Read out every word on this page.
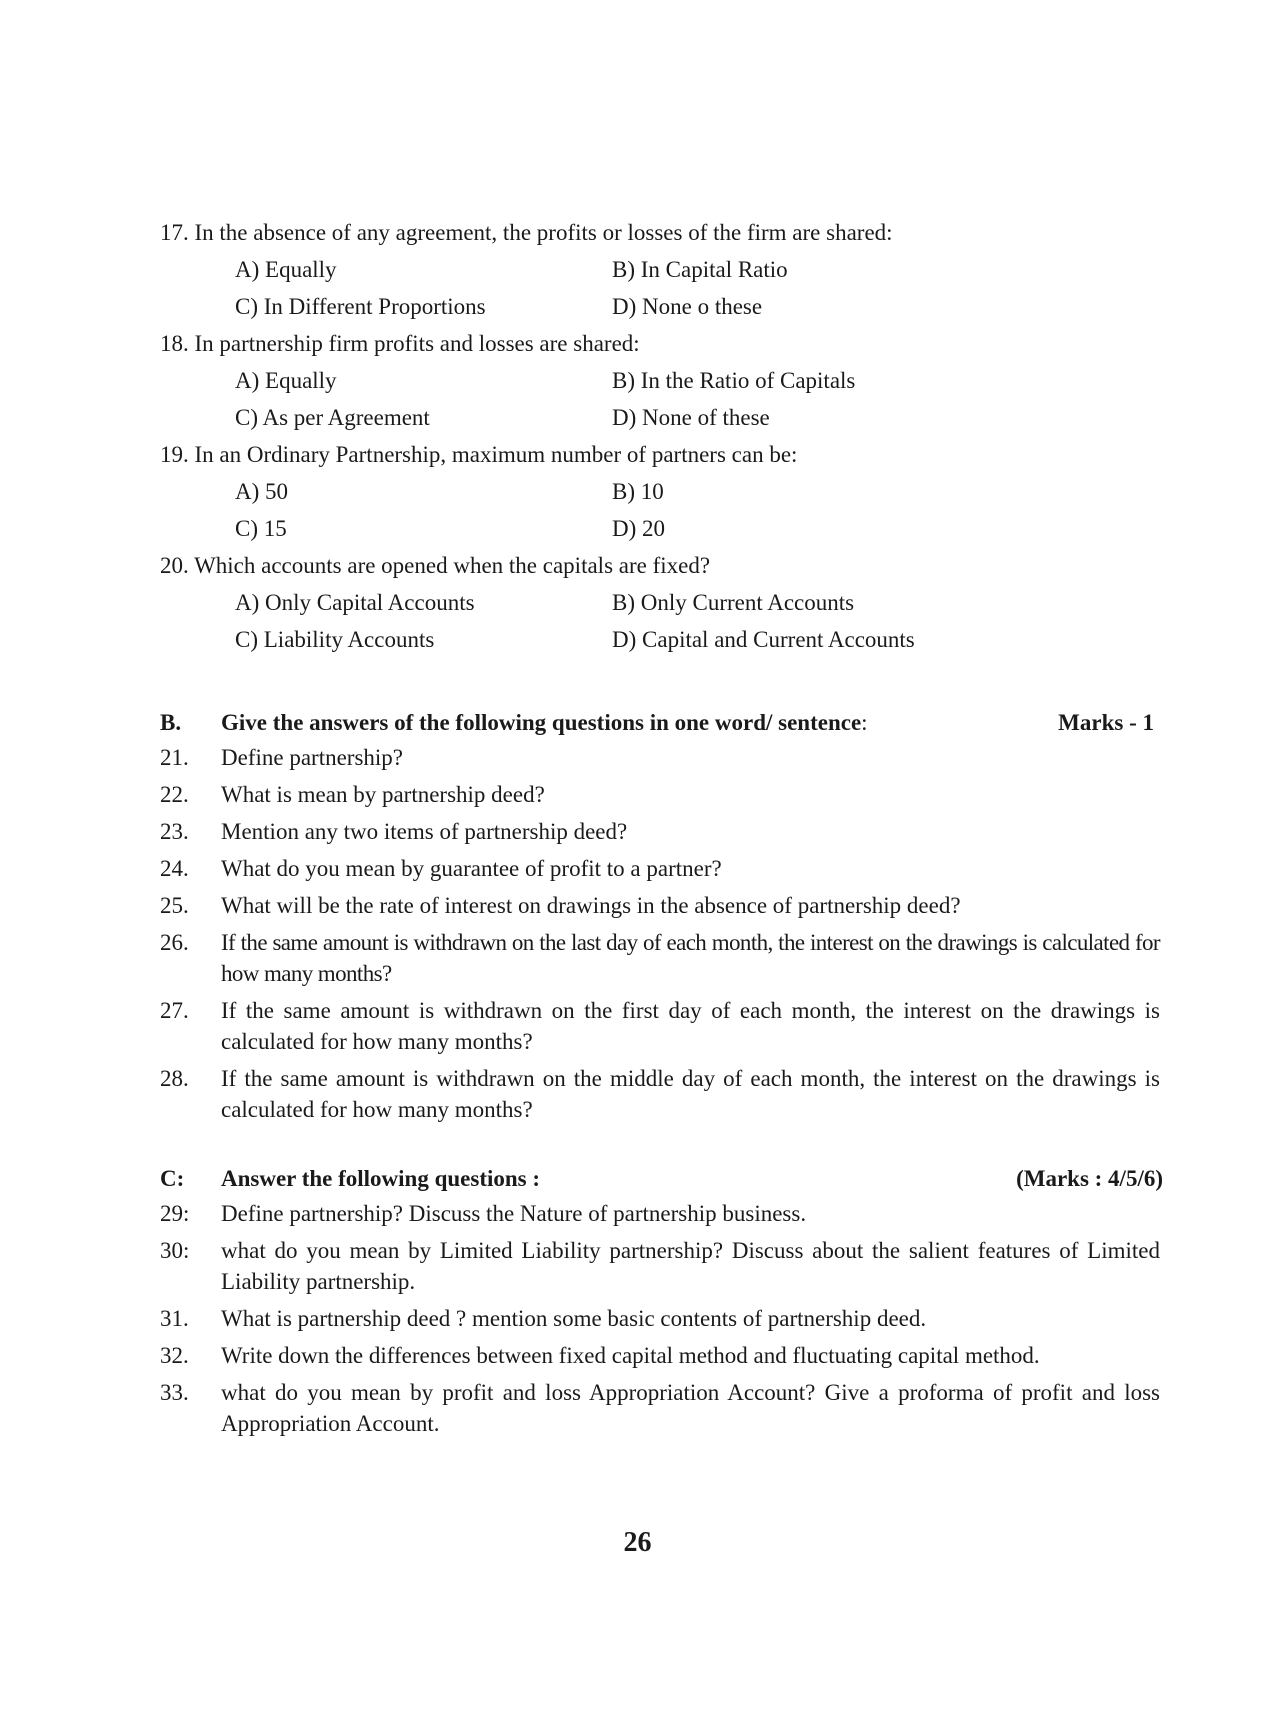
17. In the absence of any agreement, the profits or losses of the firm are shared:
A) Equally	B) In Capital Ratio
C) In Different Proportions	D) None o these
18. In partnership firm profits and losses are shared:
A) Equally	B) In the Ratio of Capitals
C) As per Agreement	D) None of these
19. In an Ordinary Partnership, maximum number of partners can be:
A) 50	B) 10
C) 15	D) 20
20. Which accounts are opened when the capitals are fixed?
A) Only Capital Accounts	B) Only Current Accounts
C) Liability Accounts	D) Capital and Current Accounts
B. Give the answers of the following questions in one word/ sentence:	Marks - 1
21. Define partnership?
22. What is mean by partnership deed?
23. Mention any two items of partnership deed?
24. What do you mean by guarantee of profit to a partner?
25. What will be the rate of interest on drawings in the absence of partnership deed?
26. If the same amount is withdrawn on the last day of each month, the interest on the drawings is calculated for how many months?
27. If the same amount is withdrawn on the first day of each month, the interest on the drawings is calculated for how many months?
28. If the same amount is withdrawn on the middle day of each month, the interest on the drawings is calculated for how many months?
C: Answer the following questions :	(Marks : 4/5/6)
29: Define partnership? Discuss the Nature of partnership business.
30: what do you mean by Limited Liability partnership? Discuss about the salient features of Limited Liability partnership.
31. What is partnership deed ? mention some basic contents of partnership deed.
32. Write down the differences between fixed capital method and fluctuating capital method.
33. what do you mean by profit and loss Appropriation Account? Give a proforma of profit and loss Appropriation Account.
26
